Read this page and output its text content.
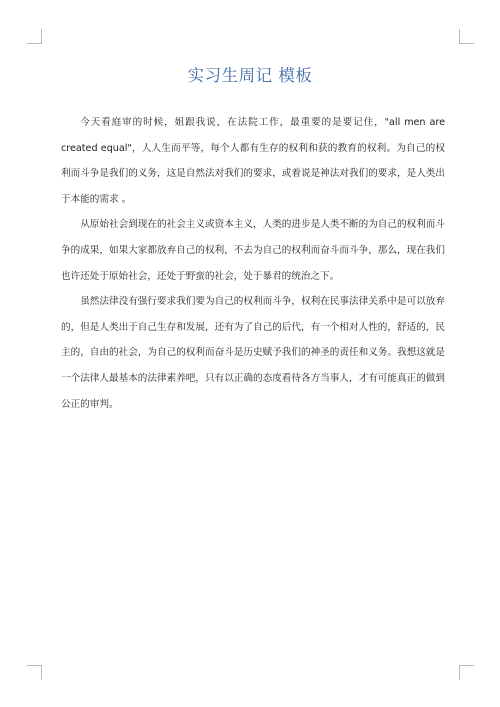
实习生周记 模板

今天看庭审的时候，姐跟我说，在法院工作，最重要的是要记住，"all men are created equal"，人人生而平等，每个人都有生存的权利和获的教育的权利。为自己的权利而斗争是我们的义务，这是自然法对我们的要求，或着说是神法对我们的要求，是人类出于本能的需求 。

从原始社会到现在的社会主义或资本主义，人类的进步是人类不断的为自己的权利而斗争的成果，如果大家都放弃自己的权利，不去为自己的权利而奋斗而斗争，那么，现在我们也许还处于原始社会，还处于野蛮的社会，处于暴君的统治之下。

虽然法律没有强行要求我们要为自己的权利而斗争，权利在民事法律关系中是可以放弃的，但是人类出于自己生存和发展，还有为了自己的后代，有一个相对人性的，舒适的，民主的，自由的社会，为自己的权利而奋斗是历史赋予我们的神圣的责任和义务。我想这就是一个法律人最基本的法律素养吧，只有以正确的态度看待各方当事人，才有可能真正的做到公正的审判。
